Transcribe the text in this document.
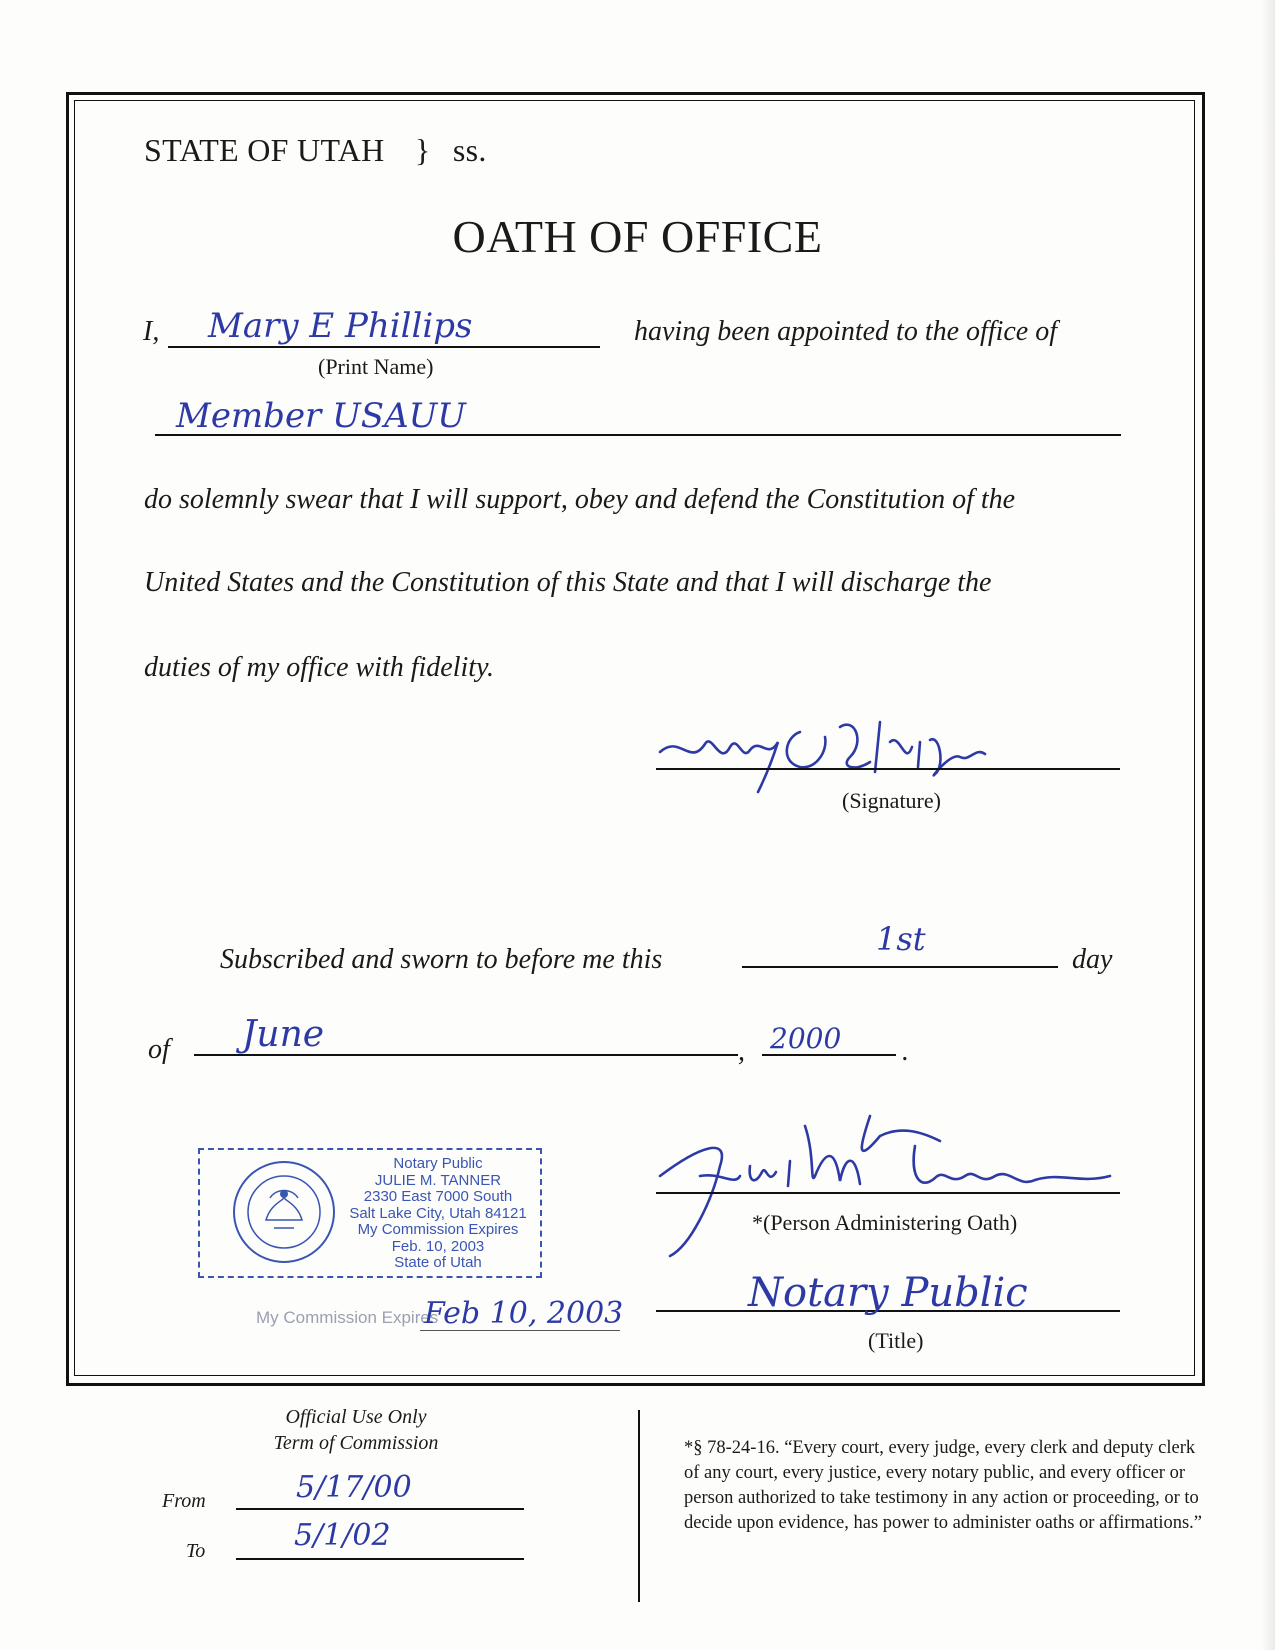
STATE OF UTAH } ss.
OATH OF OFFICE
I, Mary E Phillips
(Print Name)
having been appointed to the office of
Member USAUU
do solemnly swear that I will support, obey and defend the Constitution of the
United States and the Constitution of this State and that I will discharge the
duties of my office with fidelity.
(Signature)
Subscribed and sworn to before me this
1st
day
of June	, 2000 .
Notary Public
JULIE M. TANNER
2330 East 7000 South
Salt Lake City, Utah 84121
My Commission Expires
Feb. 10, 2003
State of Utah
My Commission Expires
Feb 10, 2003
*(Person Administering Oath)
Notary Public
(Title)
Official Use Only
Term of Commission
From	5/17/00
To	5/1/02
*§ 78-24-16. “Every court, every judge, every clerk and deputy clerk of any court, every justice, every notary public, and every officer or person authorized to take testimony in any action or proceeding, or to decide upon evidence, has power to administer oaths or affirmations.”
